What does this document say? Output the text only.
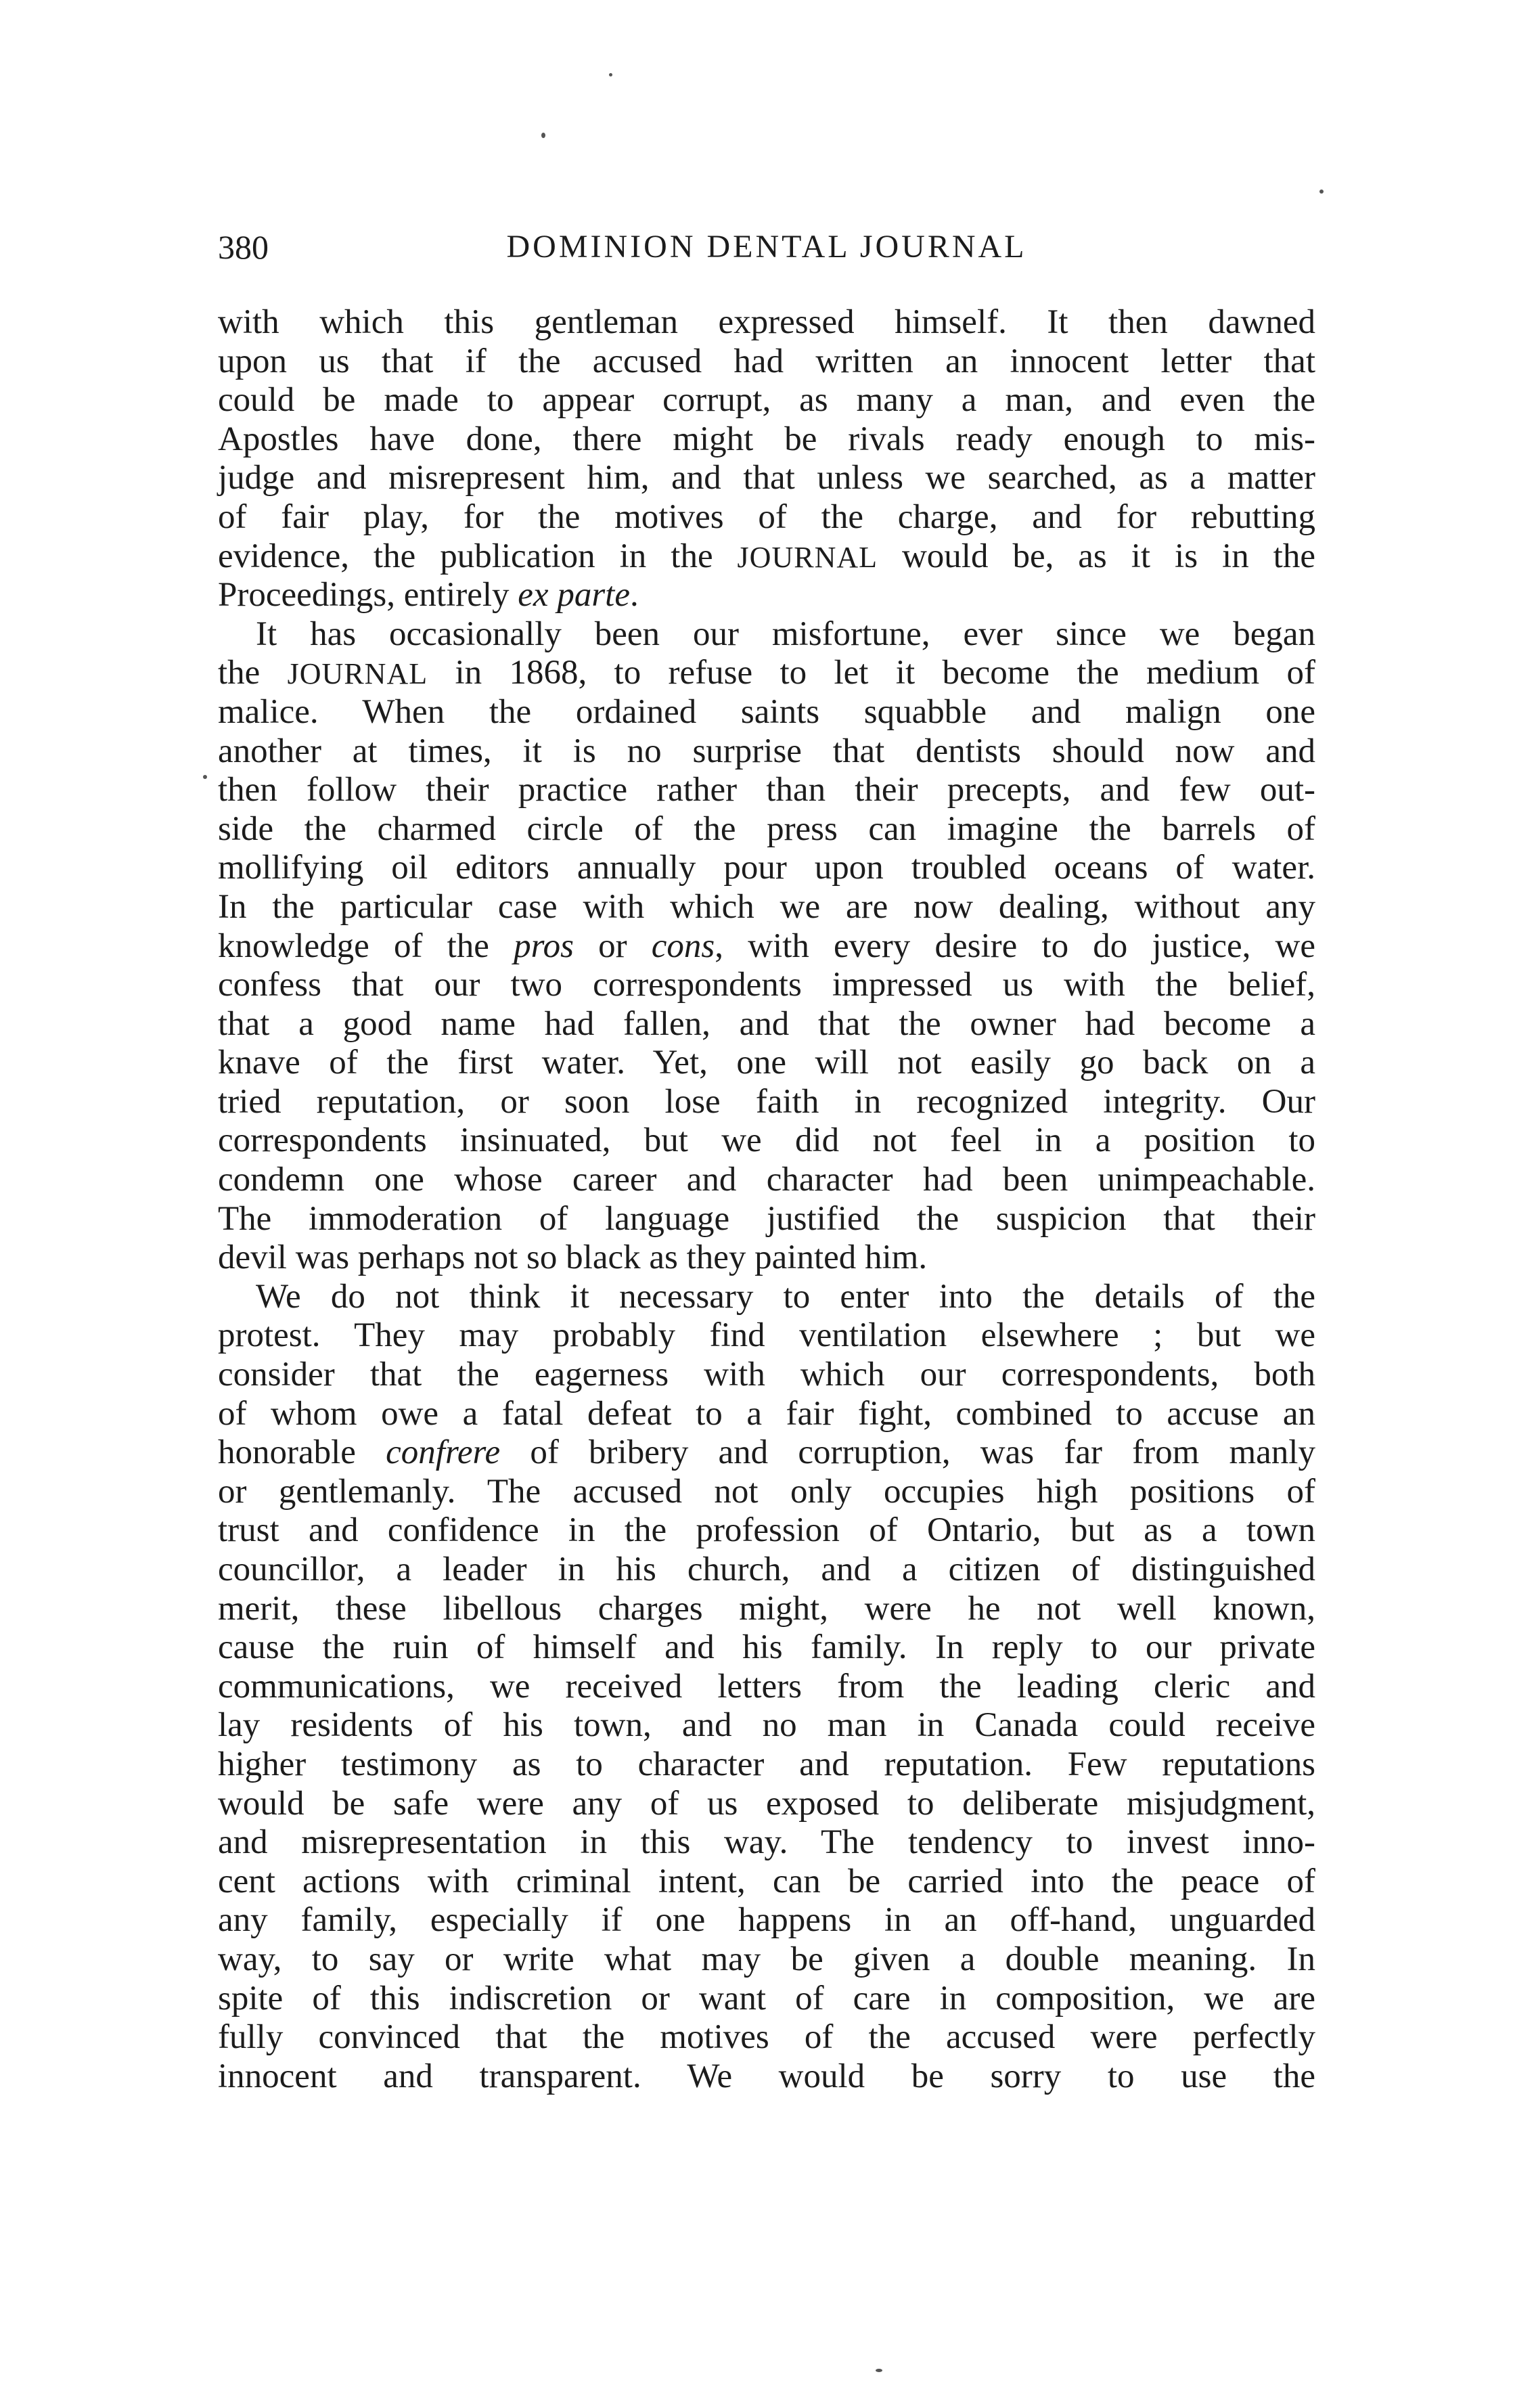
380	DOMINION DENTAL JOURNAL
with which this gentleman expressed himself. It then dawned
upon us that if the accused had written an innocent letter that
could be made to appear corrupt, as many a man, and even the
Apostles have done, there might be rivals ready enough to mis-
judge and misrepresent him, and that unless we searched, as a matter
of fair play, for the motives of the charge, and for rebutting
evidence, the publication in the JOURNAL would be, as it is in the
Proceedings, entirely ex parte.
It has occasionally been our misfortune, ever since we began
the JOURNAL in 1868, to refuse to let it become the medium of
malice. When the ordained saints squabble and malign one
another at times, it is no surprise that dentists should now and
then follow their practice rather than their precepts, and few out-
side the charmed circle of the press can imagine the barrels of
mollifying oil editors annually pour upon troubled oceans of water.
In the particular case with which we are now dealing, without any
knowledge of the pros or cons, with every desire to do justice, we
confess that our two correspondents impressed us with the belief,
that a good name had fallen, and that the owner had become a
knave of the first water. Yet, one will not easily go back on a
tried reputation, or soon lose faith in recognized integrity. Our
correspondents insinuated, but we did not feel in a position to
condemn one whose career and character had been unimpeachable.
The immoderation of language justified the suspicion that their
devil was perhaps not so black as they painted him.
We do not think it necessary to enter into the details of the
protest. They may probably find ventilation elsewhere ; but we
consider that the eagerness with which our correspondents, both
of whom owe a fatal defeat to a fair fight, combined to accuse an
honorable confrere of bribery and corruption, was far from manly
or gentlemanly. The accused not only occupies high positions of
trust and confidence in the profession of Ontario, but as a town
councillor, a leader in his church, and a citizen of distinguished
merit, these libellous charges might, were he not well known,
cause the ruin of himself and his family. In reply to our private
communications, we received letters from the leading cleric and
lay residents of his town, and no man in Canada could receive
higher testimony as to character and reputation. Few reputations
would be safe were any of us exposed to deliberate misjudgment,
and misrepresentation in this way. The tendency to invest inno-
cent actions with criminal intent, can be carried into the peace of
any family, especially if one happens in an off-hand, unguarded
way, to say or write what may be given a double meaning. In
spite of this indiscretion or want of care in composition, we are
fully convinced that the motives of the accused were perfectly
innocent and transparent. We would be sorry to use the
